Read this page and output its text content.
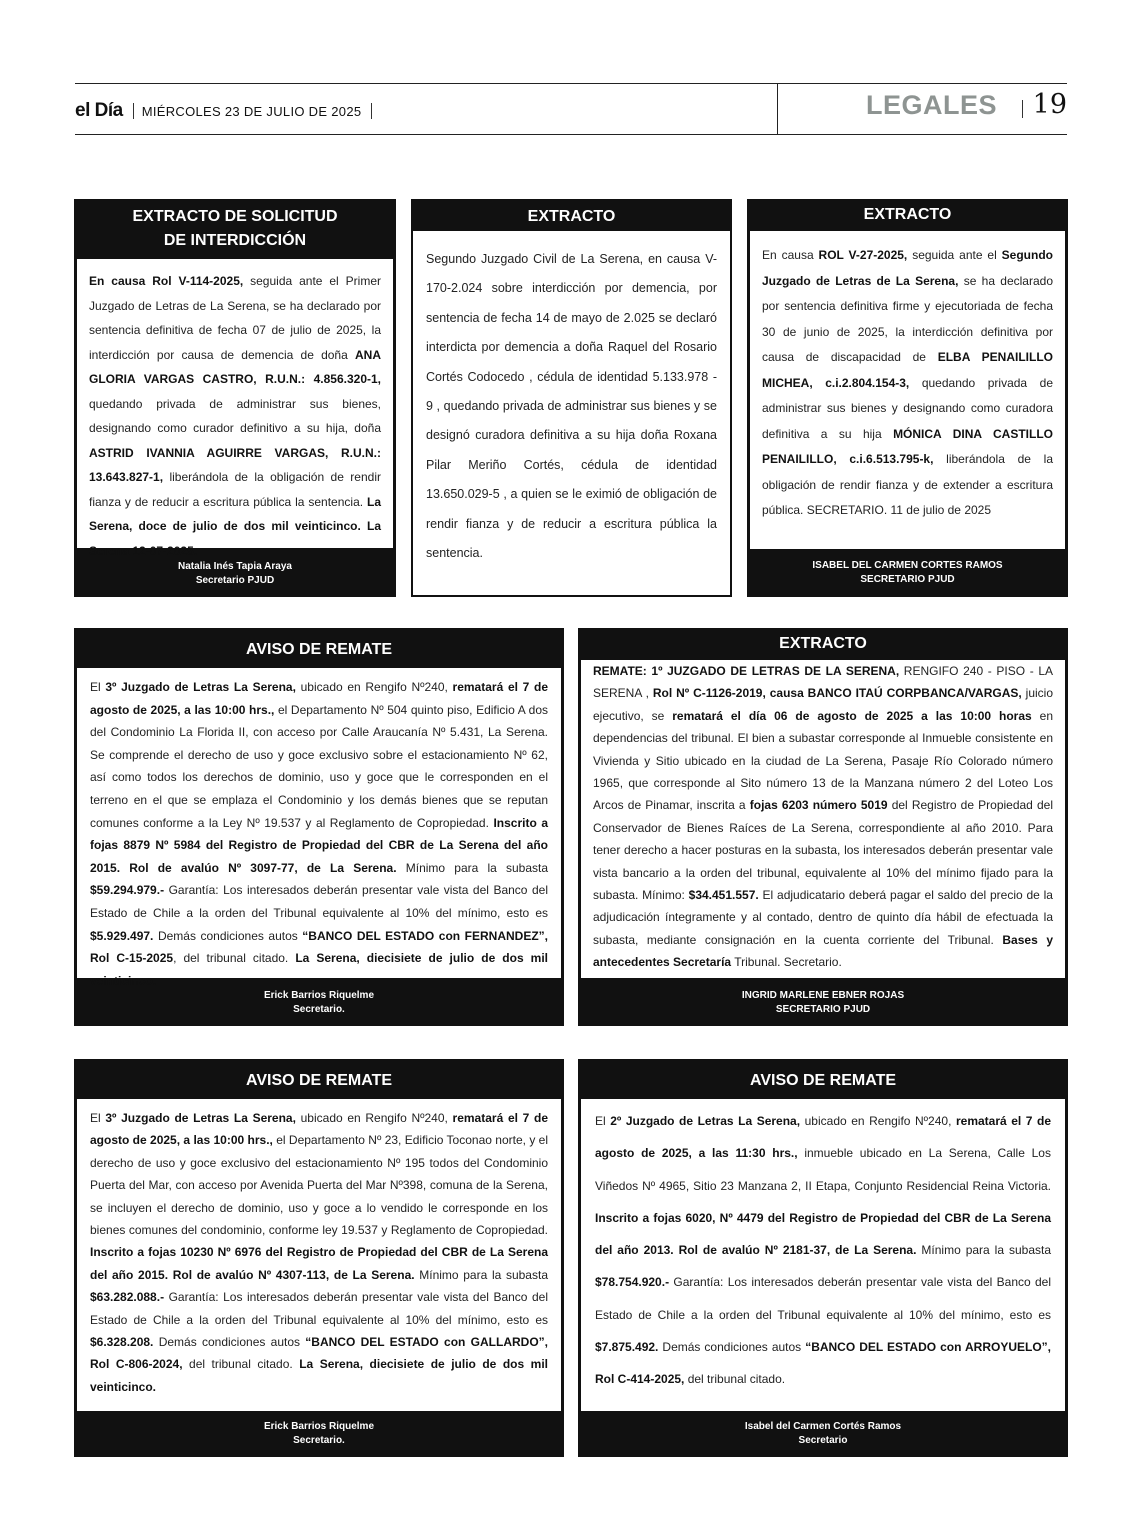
el Día MIÉRCOLES 23 DE JULIO DE 2025	LEGALES 19
EXTRACTO DE SOLICITUD
DE INTERDICCIÓN
En causa Rol V-114-2025, seguida ante el Primer Juzgado de Letras de La Serena, se ha declarado por sentencia definitiva de fecha 07 de julio de 2025, la interdicción por causa de demencia de doña ANA GLORIA VARGAS CASTRO, R.U.N.: 4.856.320-1, quedando privada de administrar sus bienes, designando como curador definitivo a su hija, doña ASTRID IVANNIA AGUIRRE VARGAS, R.U.N.: 13.643.827-1, liberándola de la obligación de rendir fianza y de reducir a escritura pública la sentencia. La Serena, doce de julio de dos mil veinticinco. La Serena 12-07-2025.
Natalia Inés Tapia Araya
Secretario PJUD
EXTRACTO
Segundo Juzgado Civil de La Serena, en causa V-170-2.024 sobre interdicción por demencia, por sentencia de fecha 14 de mayo de 2.025 se declaró interdicta por demencia a doña Raquel del Rosario Cortés Codocedo , cédula de identidad 5.133.978 - 9 , quedando privada de administrar sus bienes y se designó curadora definitiva a su hija doña Roxana Pilar Meriño Cortés, cédula de identidad 13.650.029-5 , a quien se le eximió de obligación de rendir fianza y de reducir a escritura pública la sentencia.
EXTRACTO
En causa ROL V-27-2025, seguida ante el Segundo Juzgado de Letras de La Serena, se ha declarado por sentencia definitiva firme y ejecutoriada de fecha 30 de junio de 2025, la interdicción definitiva por causa de discapacidad de ELBA PENAILILLO MICHEA, c.i.2.804.154-3, quedando privada de administrar sus bienes y designando como curadora definitiva a su hija MÓNICA DINA CASTILLO PENAILILLO, c.i.6.513.795-k, liberándola de la obligación de rendir fianza y de extender a escritura pública. SECRETARIO. 11 de julio de 2025
ISABEL DEL CARMEN CORTES RAMOS
SECRETARIO PJUD
AVISO DE REMATE
El 3º Juzgado de Letras La Serena, ubicado en Rengifo Nº240, rematará el 7 de agosto de 2025, a las 10:00 hrs., el Departamento Nº 504 quinto piso, Edificio A dos del Condominio La Florida II, con acceso por Calle Araucanía Nº 5.431, La Serena. Se comprende el derecho de uso y goce exclusivo sobre el estacionamiento Nº 62, así como todos los derechos de dominio, uso y goce que le corresponden en el terreno en el que se emplaza el Condominio y los demás bienes que se reputan comunes conforme a la Ley Nº 19.537 y al Reglamento de Copropiedad. Inscrito a fojas 8879 Nº 5984 del Registro de Propiedad del CBR de La Serena del año 2015. Rol de avalúo Nº 3097-77, de La Serena. Mínimo para la subasta $59.294.979.- Garantía: Los interesados deberán presentar vale vista del Banco del Estado de Chile a la orden del Tribunal equivalente al 10% del mínimo, esto es $5.929.497. Demás condiciones autos “BANCO DEL ESTADO con FERNANDEZ”, Rol C-15-2025, del tribunal citado. La Serena, diecisiete de julio de dos mil veinticinco.
Erick Barrios Riquelme
Secretario.
EXTRACTO
REMATE: 1º JUZGADO DE LETRAS DE LA SERENA, RENGIFO 240 - PISO - LA SERENA , Rol Nº C-1126-2019, causa BANCO ITAÚ CORPBANCA/VARGAS, juicio ejecutivo, se rematará el día 06 de agosto de 2025 a las 10:00 horas en dependencias del tribunal. El bien a subastar corresponde al Inmueble consistente en Vivienda y Sitio ubicado en la ciudad de La Serena, Pasaje Río Colorado número 1965, que corresponde al Sito número 13 de la Manzana número 2 del Loteo Los Arcos de Pinamar, inscrita a fojas 6203 número 5019 del Registro de Propiedad del Conservador de Bienes Raíces de La Serena, correspondiente al año 2010. Para tener derecho a hacer posturas en la subasta, los interesados deberán presentar vale vista bancario a la orden del tribunal, equivalente al 10% del mínimo fijado para la subasta. Mínimo: $34.451.557. El adjudicatario deberá pagar el saldo del precio de la adjudicación íntegramente y al contado, dentro de quinto día hábil de efectuada la subasta, mediante consignación en la cuenta corriente del Tribunal. Bases y antecedentes Secretaría Tribunal. Secretario.
INGRID MARLENE EBNER ROJAS
SECRETARIO PJUD
AVISO DE REMATE
El 3º Juzgado de Letras La Serena, ubicado en Rengifo Nº240, rematará el 7 de agosto de 2025, a las 10:00 hrs., el Departamento Nº 23, Edificio Toconao norte, y el derecho de uso y goce exclusivo del estacionamiento Nº 195 todos del Condominio Puerta del Mar, con acceso por Avenida Puerta del Mar Nº398, comuna de la Serena, se incluyen el derecho de dominio, uso y goce a lo vendido le corresponde en los bienes comunes del condominio, conforme ley 19.537 y Reglamento de Copropiedad. Inscrito a fojas 10230 Nº 6976 del Registro de Propiedad del CBR de La Serena del año 2015. Rol de avalúo Nº 4307-113, de La Serena. Mínimo para la subasta $63.282.088.- Garantía: Los interesados deberán presentar vale vista del Banco del Estado de Chile a la orden del Tribunal equivalente al 10% del mínimo, esto es $6.328.208. Demás condiciones autos “BANCO DEL ESTADO con GALLARDO”, Rol C-806-2024, del tribunal citado. La Serena, diecisiete de julio de dos mil veinticinco.
Erick Barrios Riquelme
Secretario.
AVISO DE REMATE
El 2º Juzgado de Letras La Serena, ubicado en Rengifo Nº240, rematará el 7 de agosto de 2025, a las 11:30 hrs., inmueble ubicado en La Serena, Calle Los Viñedos Nº 4965, Sitio 23 Manzana 2, II Etapa, Conjunto Residencial Reina Victoria. Inscrito a fojas 6020, Nº 4479 del Registro de Propiedad del CBR de La Serena del año 2013. Rol de avalúo Nº 2181-37, de La Serena. Mínimo para la subasta $78.754.920.- Garantía: Los interesados deberán presentar vale vista del Banco del Estado de Chile a la orden del Tribunal equivalente al 10% del mínimo, esto es $7.875.492. Demás condiciones autos “BANCO DEL ESTADO con ARROYUELO”, Rol C-414-2025, del tribunal citado.
Isabel del Carmen Cortés Ramos
Secretario
